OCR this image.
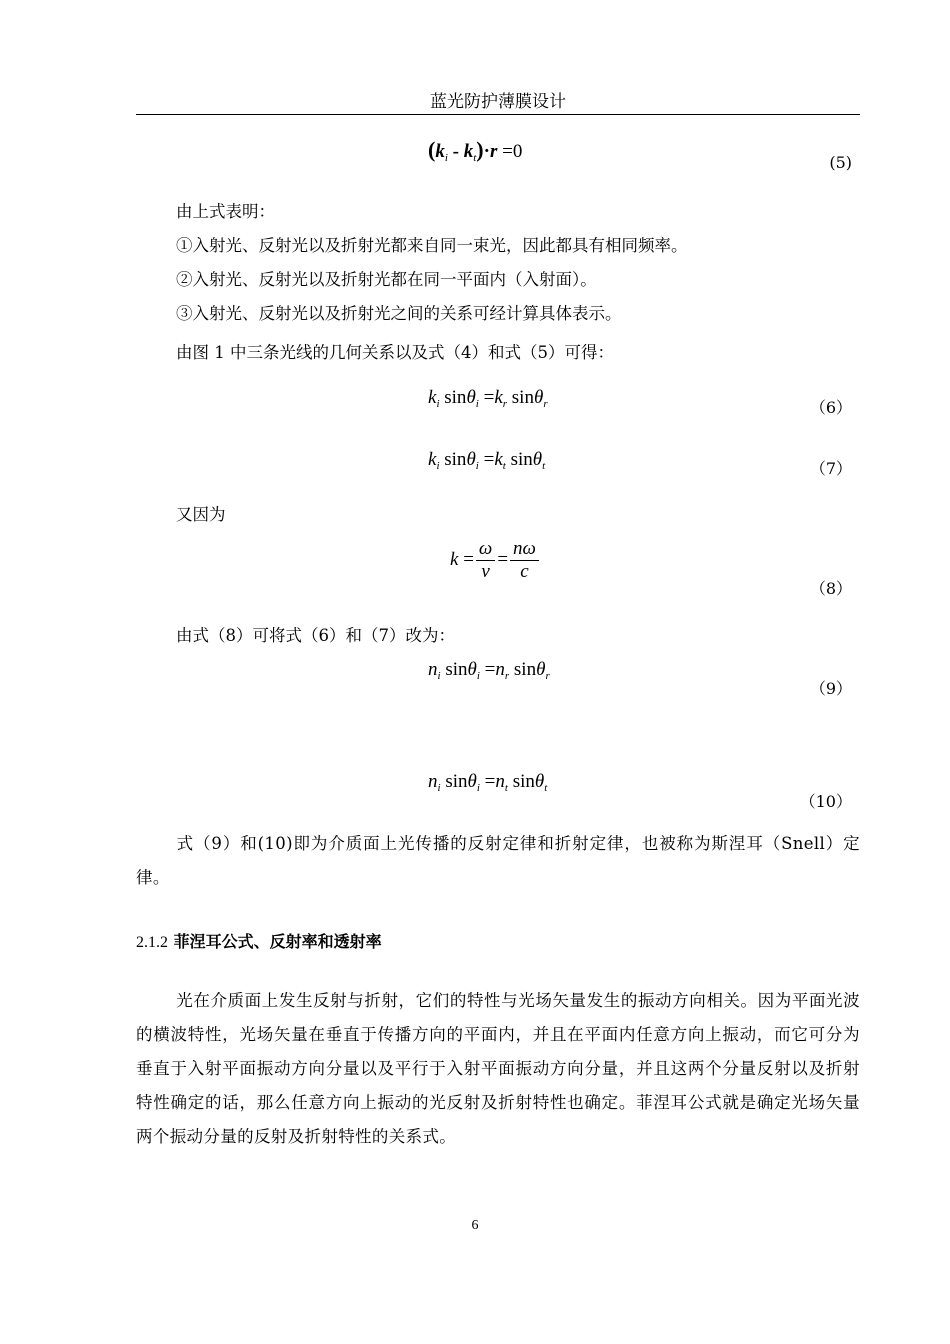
蓝光防护薄膜设计
$(k_i - k_t)\cdot r =0$
(5)
由上式表明：
①入射光、反射光以及折射光都来自同一束光，因此都具有相同频率。
②入射光、反射光以及折射光都在同一平面内（入射面）。
③入射光、反射光以及折射光之间的关系可经计算具体表示。
由图 1 中三条光线的几何关系以及式（4）和式（5）可得：
$k_i$ $\sin\theta_i =k_r$ sinθ$_r$	（6）
$k_i$ $\sin\theta_i =k_t$ sinθ$_t$	（7）
又因为
$k = \frac{\omega}{v} = \frac{n\omega}{c}$
（8）
由式（8）可将式（6）和（7）改为：
$n_i$ $\sin\theta_i =n_r$ sinθ$_r$
（9）
$n_i$ $\sin\theta_i =n_t$ sinθ$_t$
（10）
式（9）和(10)即为介质面上光传播的反射定律和折射定律，也被称为斯涅耳（Snell）定律。
2.1.2 菲涅耳公式、反射率和透射率
光在介质面上发生反射与折射，它们的特性与光场矢量发生的振动方向相关。因为平面光波的横波特性，光场矢量在垂直于传播方向的平面内，并且在平面内任意方向上振动，而它可分为垂直于入射平面振动方向分量以及平行于入射平面振动方向分量，并且这两个分量反射以及折射特性确定的话，那么任意方向上振动的光反射及折射特性也确定。菲涅耳公式就是确定光场矢量两个振动分量的反射及折射特性的关系式。
6
